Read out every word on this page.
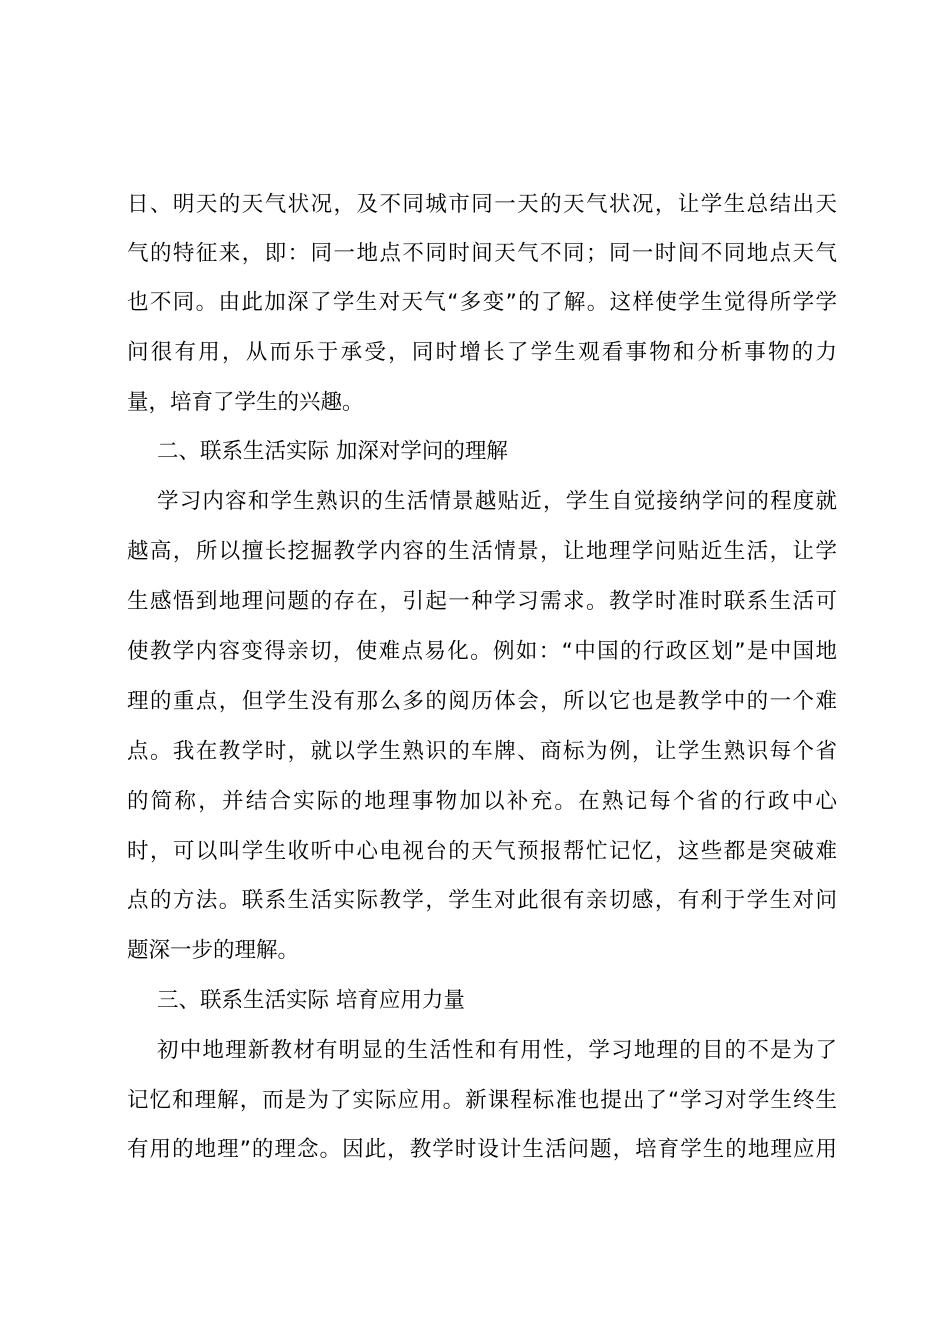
日、明天的天气状况，及不同城市同一天的天气状况，让学生总结出天
气的特征来，即：同一地点不同时间天气不同；同一时间不同地点天气
也不同。由此加深了学生对天气“多变”的了解。这样使学生觉得所学学
问很有用，从而乐于承受，同时增长了学生观看事物和分析事物的力
量，培育了学生的兴趣。
二、联系生活实际 加深对学问的理解
学习内容和学生熟识的生活情景越贴近，学生自觉接纳学问的程度就
越高，所以擅长挖掘教学内容的生活情景，让地理学问贴近生活，让学
生感悟到地理问题的存在，引起一种学习需求。教学时准时联系生活可
使教学内容变得亲切，使难点易化。例如：“中国的行政区划”是中国地
理的重点，但学生没有那么多的阅历体会，所以它也是教学中的一个难
点。我在教学时，就以学生熟识的车牌、商标为例，让学生熟识每个省
的简称，并结合实际的地理事物加以补充。在熟记每个省的行政中心
时，可以叫学生收听中心电视台的天气预报帮忙记忆，这些都是突破难
点的方法。联系生活实际教学，学生对此很有亲切感，有利于学生对问
题深一步的理解。
三、联系生活实际 培育应用力量
初中地理新教材有明显的生活性和有用性，学习地理的目的不是为了
记忆和理解，而是为了实际应用。新课程标准也提出了“学习对学生终生
有用的地理”的理念。因此，教学时设计生活问题，培育学生的地理应用
